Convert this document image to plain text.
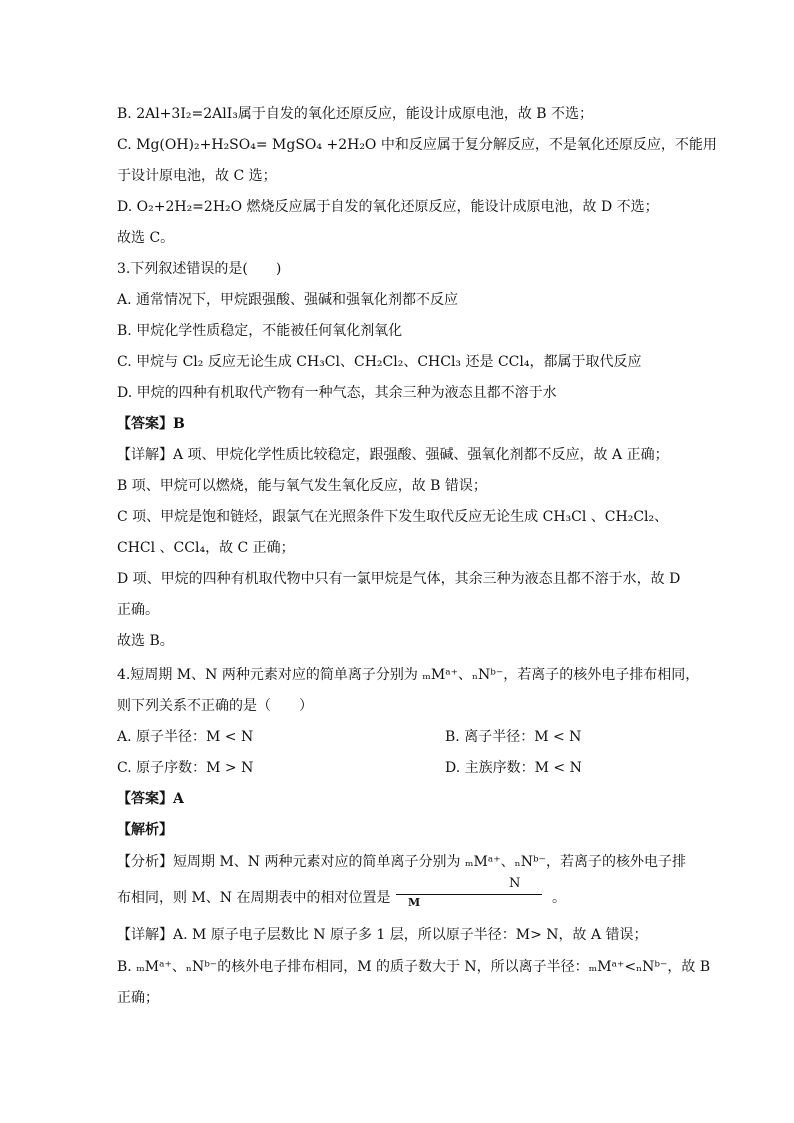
B. 2Al+3I₂=2AlI₃属于自发的氧化还原反应，能设计成原电池，故 B 不选；
C. Mg(OH)₂+H₂SO₄= MgSO₄ +2H₂O 中和反应属于复分解反应，不是氧化还原反应，不能用
于设计原电池，故 C 选；
D. O₂+2H₂=2H₂O 燃烧反应属于自发的氧化还原反应，能设计成原电池，故 D 不选；
故选 C。
3.下列叙述错误的是(　　)
A. 通常情况下，甲烷跟强酸、强碱和强氧化剂都不反应
B. 甲烷化学性质稳定，不能被任何氧化剂氧化
C. 甲烷与 Cl₂ 反应无论生成 CH₃Cl、CH₂Cl₂、CHCl₃ 还是 CCl₄，都属于取代反应
D. 甲烷的四种有机取代产物有一种气态，其余三种为液态且都不溶于水
【答案】B
【详解】A 项、甲烷化学性质比较稳定，跟强酸、强碱、强氧化剂都不反应，故 A 正确；
B 项、甲烷可以燃烧，能与氧气发生氧化反应，故 B 错误；
C 项、甲烷是饱和链烃，跟氯气在光照条件下发生取代反应无论生成 CH₃Cl 、CH₂Cl₂、
CHCl 、CCl₄，故 C 正确；
D 项、甲烷的四种有机取代物中只有一氯甲烷是气体，其余三种为液态且都不溶于水，故 D
正确。
故选 B。
4.短周期 M、N 两种元素对应的简单离子分别为 ₘMᵃ⁺、ₙNᵇ⁻，若离子的核外电子排布相同，
则下列关系不正确的是（　　）
A. 原子半径：M < N	B. 离子半径：M < N
C. 原子序数：M > N	D. 主族序数：M < N
【答案】A
【解析】
【分析】短周期 M、N 两种元素对应的简单离子分别为 ₘMᵃ⁺、ₙNᵇ⁻，若离子的核外电子排
布相同，则 M、N 在周期表中的相对位置是
N
M	。
【详解】A. M 原子电子层数比 N 原子多 1 层，所以原子半径：M> N，故 A 错误；
B. ₘMᵃ⁺、ₙNᵇ⁻的核外电子排布相同，M 的质子数大于 N，所以离子半径：ₘMᵃ⁺<ₙNᵇ⁻，故 B
正确；
